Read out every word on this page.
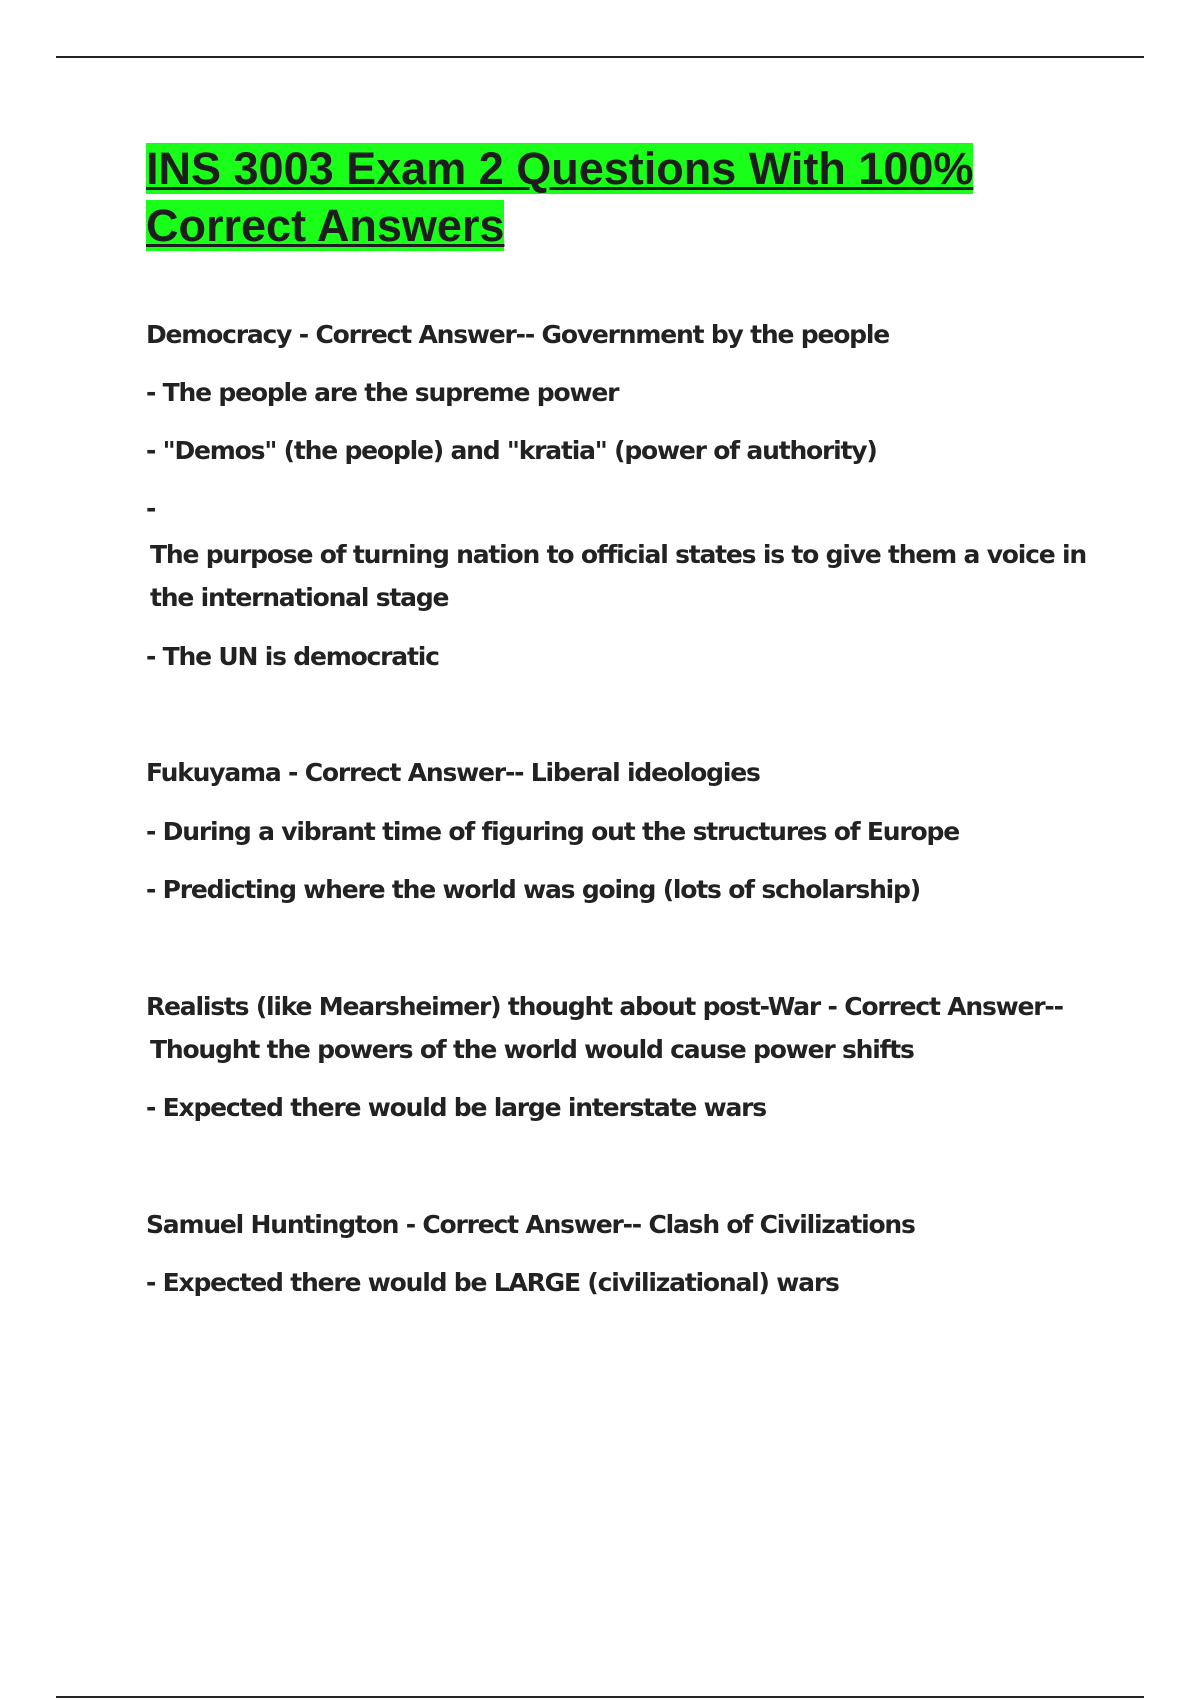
INS 3003 Exam 2 Questions With 100% Correct Answers

Democracy - Correct Answer-- Government by the people

- The people are the supreme power

- "Demos" (the people) and "kratia" (power of authority)

-

The purpose of turning nation to official states is to give them a voice in the international stage

- The UN is democratic

Fukuyama - Correct Answer-- Liberal ideologies

- During a vibrant time of figuring out the structures of Europe

- Predicting where the world was going (lots of scholarship)

Realists (like Mearsheimer) thought about post-War - Correct Answer--

Thought the powers of the world would cause power shifts

- Expected there would be large interstate wars

Samuel Huntington - Correct Answer-- Clash of Civilizations

- Expected there would be LARGE (civilizational) wars
